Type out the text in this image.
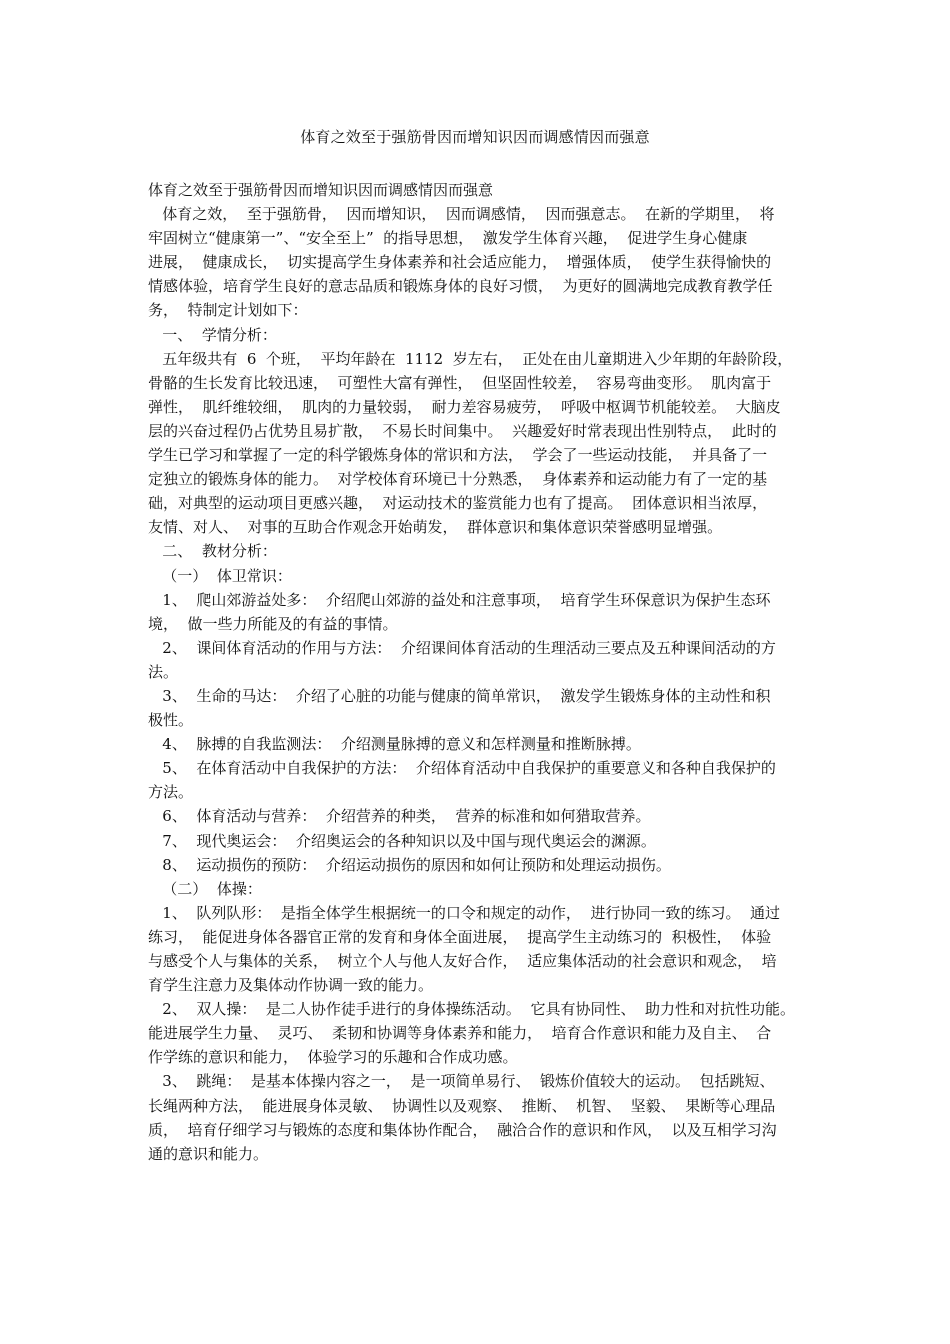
体育之效至于强筋骨因而增知识因而调感情因而强意
体育之效至于强筋骨因而增知识因而调感情因而强意
体育之效，  至于强筋骨，  因而增知识，  因而调感情，  因而强意志。  在新的学期里，  将
牢固树立“健康第一”、“安全至上”  的指导思想，  激发学生体育兴趣，  促进学生身心健康
进展，  健康成长，  切实提高学生身体素养和社会适应能力，  增强体质，  使学生获得愉快的
情感体验，培育学生良好的意志品质和锻炼身体的良好习惯，  为更好的圆满地完成教育教学任
务，  特制定计划如下：
一、  学情分析：
五年级共有  6  个班，  平均年龄在  1112  岁左右，  正处在由儿童期进入少年期的年龄阶段，
骨骼的生长发育比较迅速，  可塑性大富有弹性，  但坚固性较差，  容易弯曲变形。  肌肉富于
弹性，  肌纤维较细，  肌肉的力量较弱，  耐力差容易疲劳，  呼吸中枢调节机能较差。  大脑皮
层的兴奋过程仍占优势且易扩散，  不易长时间集中。  兴趣爱好时常表现出性别特点，  此时的
学生已学习和掌握了一定的科学锻炼身体的常识和方法，  学会了一些运动技能，  并具备了一
定独立的锻炼身体的能力。  对学校体育环境已十分熟悉，  身体素养和运动能力有了一定的基
础，对典型的运动项目更感兴趣，  对运动技术的鉴赏能力也有了提高。  团体意识相当浓厚，
友情、对人、  对事的互助合作观念开始萌发，  群体意识和集体意识荣誉感明显增强。
二、  教材分析：
（一）  体卫常识：
1、  爬山郊游益处多：  介绍爬山郊游的益处和注意事项，  培育学生环保意识为保护生态环
境，  做一些力所能及的有益的事情。
2、  课间体育活动的作用与方法：  介绍课间体育活动的生理活动三要点及五种课间活动的方
法。
3、  生命的马达：  介绍了心脏的功能与健康的简单常识，  激发学生锻炼身体的主动性和积
极性。
4、  脉搏的自我监测法：  介绍测量脉搏的意义和怎样测量和推断脉搏。
5、  在体育活动中自我保护的方法：  介绍体育活动中自我保护的重要意义和各种自我保护的
方法。
6、  体育活动与营养：  介绍营养的种类，  营养的标准和如何猎取营养。
7、  现代奥运会：  介绍奥运会的各种知识以及中国与现代奥运会的渊源。
8、  运动损伤的预防：  介绍运动损伤的原因和如何让预防和处理运动损伤。
（二）  体操：
1、  队列队形：  是指全体学生根据统一的口令和规定的动作，  进行协同一致的练习。  通过
练习，  能促进身体各器官正常的发育和身体全面进展，  提高学生主动练习的  积极性，  体验
与感受个人与集体的关系，  树立个人与他人友好合作，  适应集体活动的社会意识和观念，  培
育学生注意力及集体动作协调一致的能力。
2、  双人操：  是二人协作徒手进行的身体操练活动。  它具有协同性、  助力性和对抗性功能。
能进展学生力量、  灵巧、  柔韧和协调等身体素养和能力，  培育合作意识和能力及自主、  合
作学练的意识和能力，  体验学习的乐趣和合作成功感。
3、  跳绳：  是基本体操内容之一，  是一项简单易行、  锻炼价值较大的运动。  包括跳短、
长绳两种方法，  能进展身体灵敏、  协调性以及观察、  推断、  机智、  坚毅、  果断等心理品
质，  培育仔细学习与锻炼的态度和集体协作配合，  融洽合作的意识和作风，  以及互相学习沟
通的意识和能力。
